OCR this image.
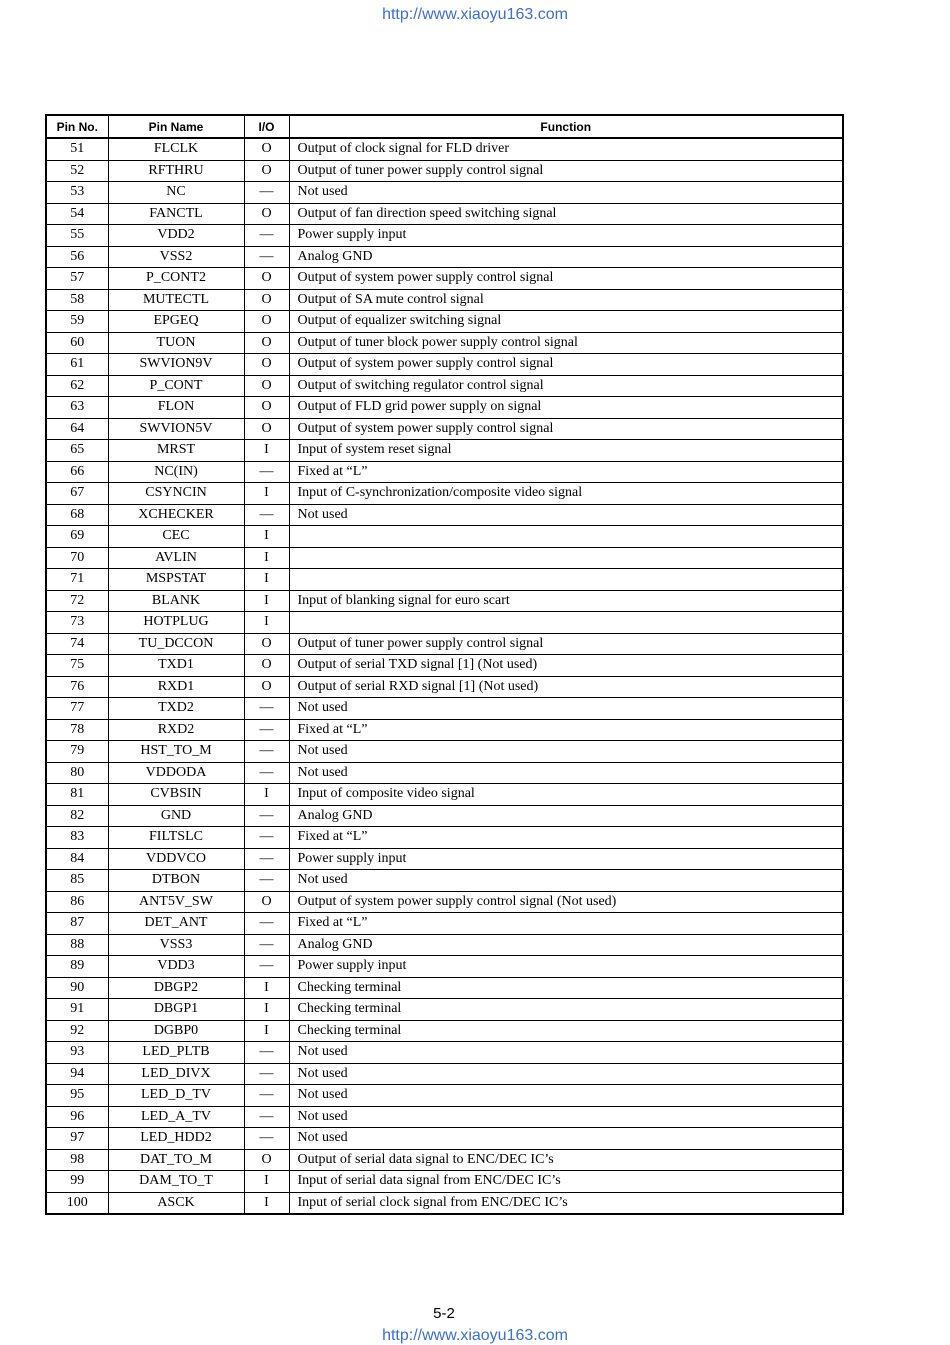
http://www.xiaoyu163.com
Pin No.	Pin Name	I/O	Function
51	FLCLK	O	Output of clock signal for FLD driver
52	RFTHRU	O	Output of tuner power supply control signal
53	NC	—	Not used
54	FANCTL	O	Output of fan direction speed switching signal
55	VDD2	—	Power supply input
56	VSS2	—	Analog GND
57	P_CONT2	O	Output of system power supply control signal
58	MUTECTL	O	Output of SA mute control signal
59	EPGEQ	O	Output of equalizer switching signal
60	TUON	O	Output of tuner block power supply control signal
61	SWVION9V	O	Output of system power supply control signal
62	P_CONT	O	Output of switching regulator control signal
63	FLON	O	Output of FLD grid power supply on signal
64	SWVION5V	O	Output of system power supply control signal
65	MRST	I	Input of system reset signal
66	NC(IN)	—	Fixed at “L”
67	CSYNCIN	I	Input of C-synchronization/composite video signal
68	XCHECKER	—	Not used
69	CEC	I	
70	AVLIN	I	
71	MSPSTAT	I	
72	BLANK	I	Input of blanking signal for euro scart
73	HOTPLUG	I	
74	TU_DCCON	O	Output of tuner power supply control signal
75	TXD1	O	Output of serial TXD signal [1] (Not used)
76	RXD1	O	Output of serial RXD signal [1] (Not used)
77	TXD2	—	Not used
78	RXD2	—	Fixed at “L”
79	HST_TO_M	—	Not used
80	VDDODA	—	Not used
81	CVBSIN	I	Input of composite video signal
82	GND	—	Analog GND
83	FILTSLC	—	Fixed at “L”
84	VDDVCO	—	Power supply input
85	DTBON	—	Not used
86	ANT5V_SW	O	Output of system power supply control signal (Not used)
87	DET_ANT	—	Fixed at “L”
88	VSS3	—	Analog GND
89	VDD3	—	Power supply input
90	DBGP2	I	Checking terminal
91	DBGP1	I	Checking terminal
92	DGBP0	I	Checking terminal
93	LED_PLTB	—	Not used
94	LED_DIVX	—	Not used
95	LED_D_TV	—	Not used
96	LED_A_TV	—	Not used
97	LED_HDD2	—	Not used
98	DAT_TO_M	O	Output of serial data signal to ENC/DEC IC’s
99	DAM_TO_T	I	Input of serial data signal from ENC/DEC IC’s
100	ASCK	I	Input of serial clock signal from ENC/DEC IC’s
5-2
http://www.xiaoyu163.com
